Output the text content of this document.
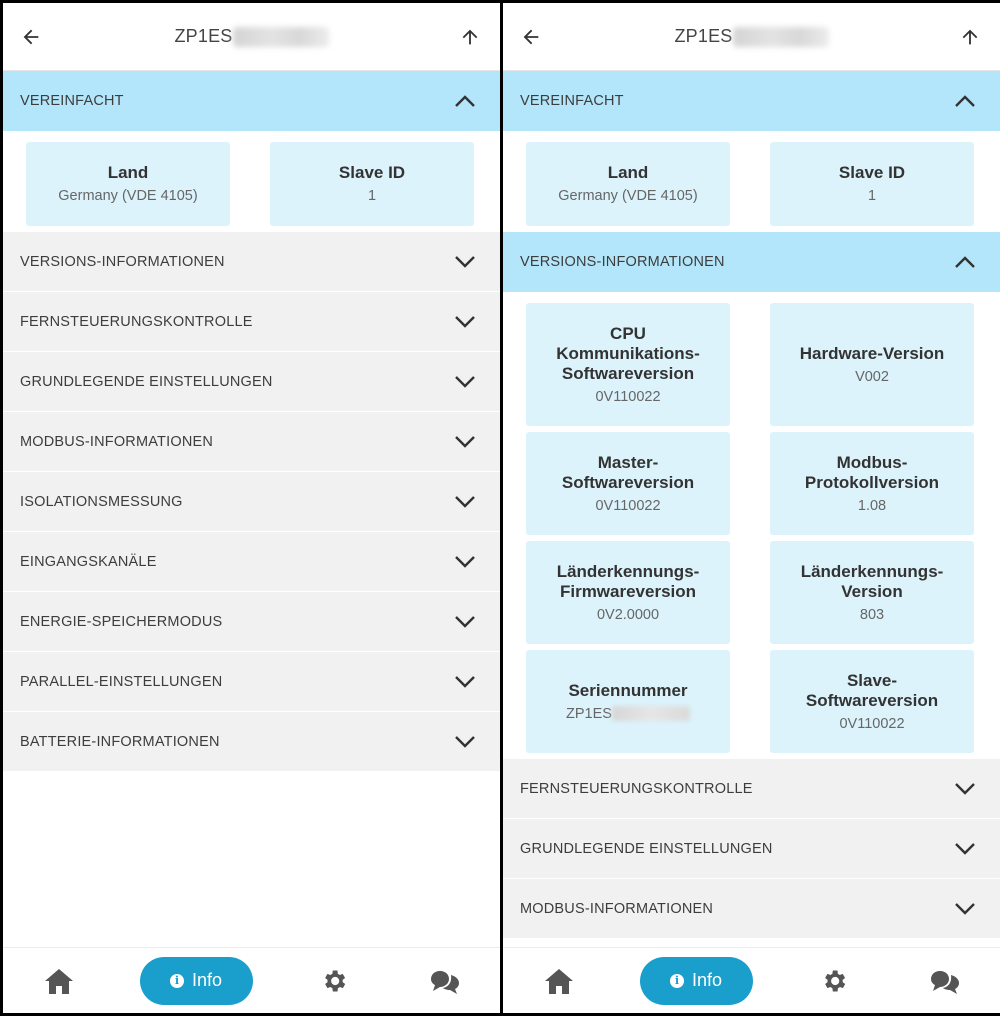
ZP1ES
VEREINFACHT
Land
Germany (VDE 4105)
Slave ID
1
VERSIONS-INFORMATIONEN
FERNSTEUERUNGSKONTROLLE
GRUNDLEGENDE EINSTELLUNGEN
MODBUS-INFORMATIONEN
ISOLATIONSMESSUNG
EINGANGSKANÄLE
ENERGIE-SPEICHERMODUS
PARALLEL-EINSTELLUNGEN
BATTERIE-INFORMATIONEN
i Info
ZP1ES
VEREINFACHT
Land
Germany (VDE 4105)
Slave ID
1
VERSIONS-INFORMATIONEN
CPU
Kommunikations-
Softwareversion
0V110022
Hardware-Version
V002
Master-
Softwareversion
0V110022
Modbus-
Protokollversion
1.08
Länderkennungs-
Firmwareversion
0V2.0000
Länderkennungs-
Version
803
Seriennummer
ZP1ES
Slave-
Softwareversion
0V110022
FERNSTEUERUNGSKONTROLLE
GRUNDLEGENDE EINSTELLUNGEN
MODBUS-INFORMATIONEN
i Info
